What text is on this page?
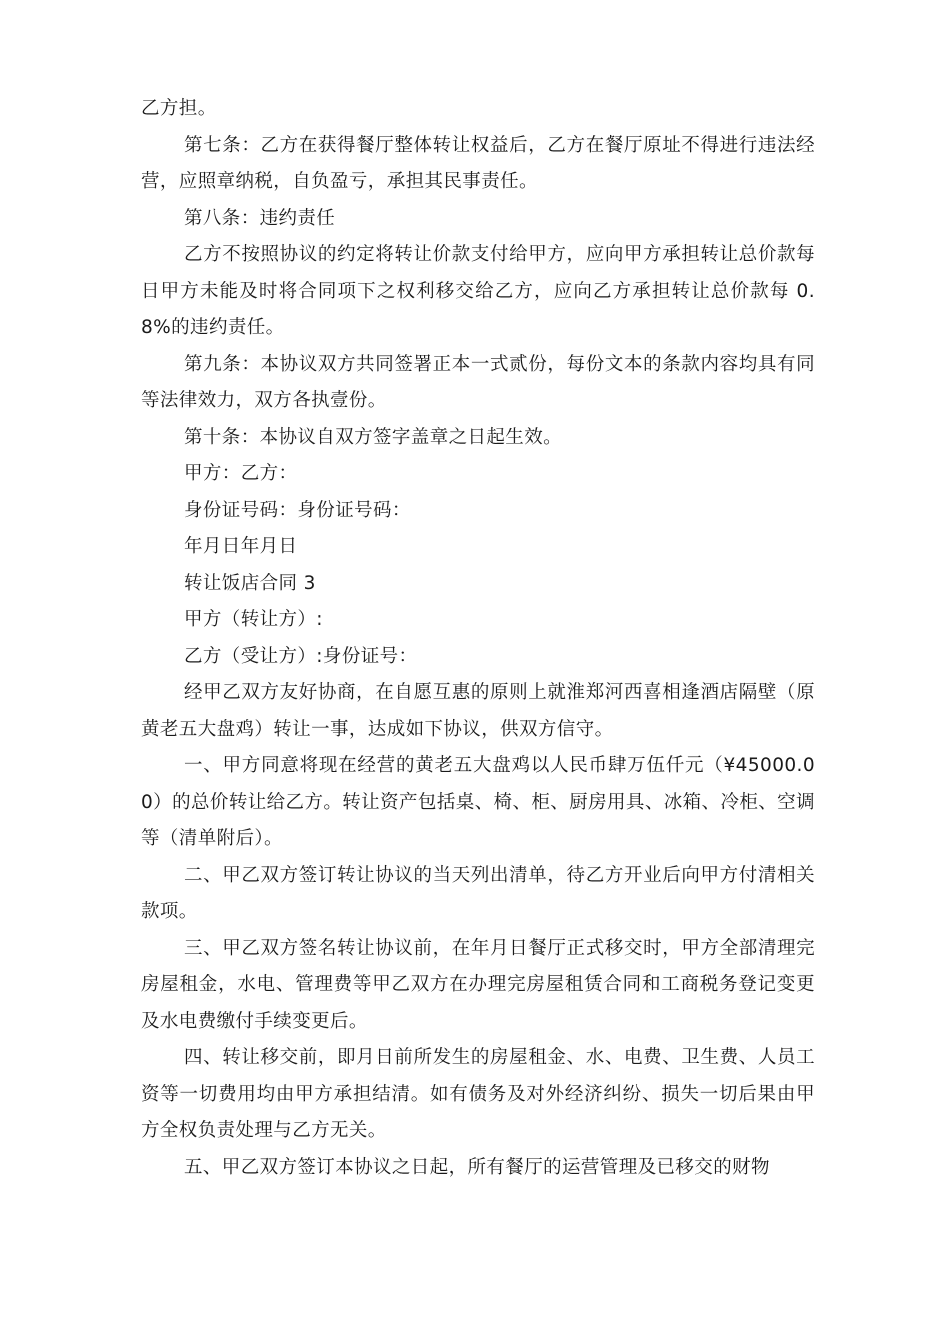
乙方担。

第七条：乙方在获得餐厅整体转让权益后，乙方在餐厅原址不得进行违法经营，应照章纳税，自负盈亏，承担其民事责任。

第八条：违约责任

乙方不按照协议的约定将转让价款支付给甲方，应向甲方承担转让总价款每日甲方未能及时将合同项下之权利移交给乙方，应向乙方承担转让总价款每 0.8%的违约责任。

第九条：本协议双方共同签署正本一式贰份，每份文本的条款内容均具有同等法律效力，双方各执壹份。

第十条：本协议自双方签字盖章之日起生效。

甲方：乙方：

身份证号码：身份证号码：

年月日年月日

转让饭店合同 3

甲方（转让方）:

乙方（受让方）:身份证号：

经甲乙双方友好协商，在自愿互惠的原则上就淮郑河西喜相逢酒店隔壁（原黄老五大盘鸡）转让一事，达成如下协议，供双方信守。

一、甲方同意将现在经营的黄老五大盘鸡以人民币肆万伍仟元（¥45000.00）的总价转让给乙方。转让资产包括桌、椅、柜、厨房用具、冰箱、冷柜、空调等（清单附后）。

二、甲乙双方签订转让协议的当天列出清单，待乙方开业后向甲方付清相关款项。

三、甲乙双方签名转让协议前，在年月日餐厅正式移交时，甲方全部清理完房屋租金，水电、管理费等甲乙双方在办理完房屋租赁合同和工商税务登记变更及水电费缴付手续变更后。

四、转让移交前，即月日前所发生的房屋租金、水、电费、卫生费、人员工资等一切费用均由甲方承担结清。如有债务及对外经济纠纷、损失一切后果由甲方全权负责处理与乙方无关。

五、甲乙双方签订本协议之日起，所有餐厅的运营管理及已移交的财物
